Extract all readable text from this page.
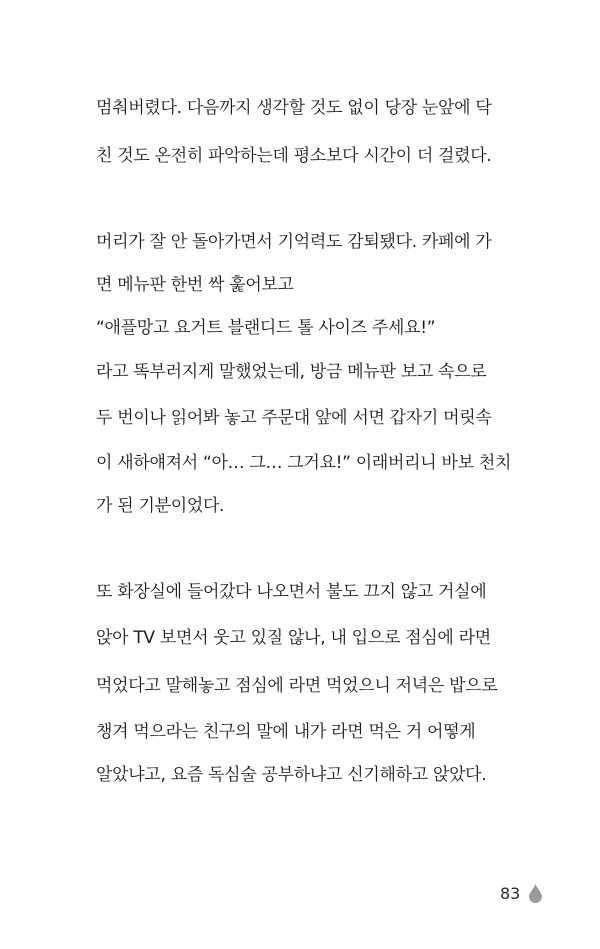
멈춰버렸다. 다음까지 생각할 것도 없이 당장 눈앞에 닥
친 것도 온전히 파악하는데 평소보다 시간이 더 걸렸다.
머리가 잘 안 돌아가면서 기억력도 감퇴됐다. 카페에 가
면 메뉴판 한번 싹 훑어보고
“애플망고 요거트 블랜디드 톨 사이즈 주세요!”
라고 똑부러지게 말했었는데, 방금 메뉴판 보고 속으로
두 번이나 읽어봐 놓고 주문대 앞에 서면 갑자기 머릿속
이 새하얘져서 “아… 그… 그거요!” 이래버리니 바보 천치
가 된 기분이었다.
또 화장실에 들어갔다 나오면서 불도 끄지 않고 거실에
앉아 TV 보면서 웃고 있질 않나, 내 입으로 점심에 라면
먹었다고 말해놓고 점심에 라면 먹었으니 저녁은 밥으로
챙겨 먹으라는 친구의 말에 내가 라면 먹은 거 어떻게
알았냐고, 요즘 독심술 공부하냐고 신기해하고 앉았다.
83
